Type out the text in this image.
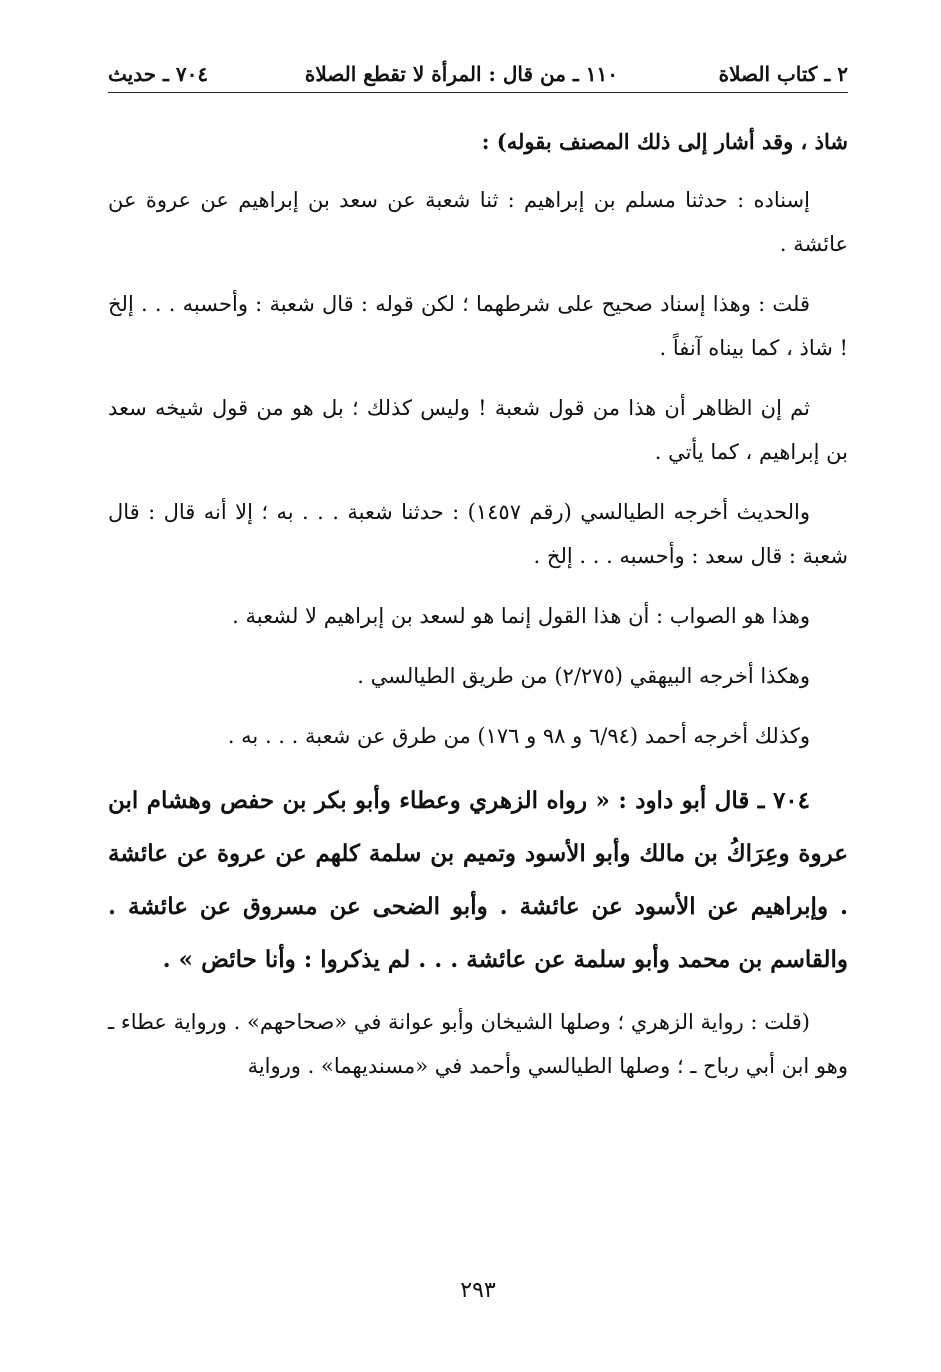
٢ ـ كتاب الصلاة
١١٠ ـ من قال : المرأة لا تقطع الصلاة
٧٠٤ ـ حديث

شاذ ، وقد أشار إلى ذلك المصنف بقوله) :

إسناده : حدثنا مسلم بن إبراهيم : ثنا شعبة عن سعد بن إبراهيم عن عروة عن عائشة .

قلت : وهذا إسناد صحيح على شرطهما ؛ لكن قوله : قال شعبة : وأحسبه . . . إلخ ! شاذ ، كما بيناه آنفاً .

ثم إن الظاهر أن هذا من قول شعبة ! وليس كذلك ؛ بل هو من قول شيخه سعد بن إبراهيم ، كما يأتي .

والحديث أخرجه الطيالسي (رقم ١٤٥٧) : حدثنا شعبة . . . به ؛ إلا أنه قال : قال شعبة : قال سعد : وأحسبه . . . إلخ .

وهذا هو الصواب : أن هذا القول إنما هو لسعد بن إبراهيم لا لشعبة .

وهكذا أخرجه البيهقي (٢/٢٧٥) من طريق الطيالسي .

وكذلك أخرجه أحمد (٦/٩٤ و ٩٨ و ١٧٦) من طرق عن شعبة . . . به .

٧٠٤ ـ قال أبو داود : « رواه الزهري وعطاء وأبو بكر بن حفص وهشام ابن عروة وعِرَاكُ بن مالك وأبو الأسود وتميم بن سلمة كلهم عن عروة عن عائشة . وإبراهيم عن الأسود عن عائشة . وأبو الضحى عن مسروق عن عائشة . والقاسم بن محمد وأبو سلمة عن عائشة . . . لم يذكروا : وأنا حائض » .

(قلت : رواية الزهري ؛ وصلها الشيخان وأبو عوانة في «صحاحهم» . ورواية عطاء ـ وهو ابن أبي رباح ـ ؛ وصلها الطيالسي وأحمد في «مسنديهما» . ورواية

٢٩٣
